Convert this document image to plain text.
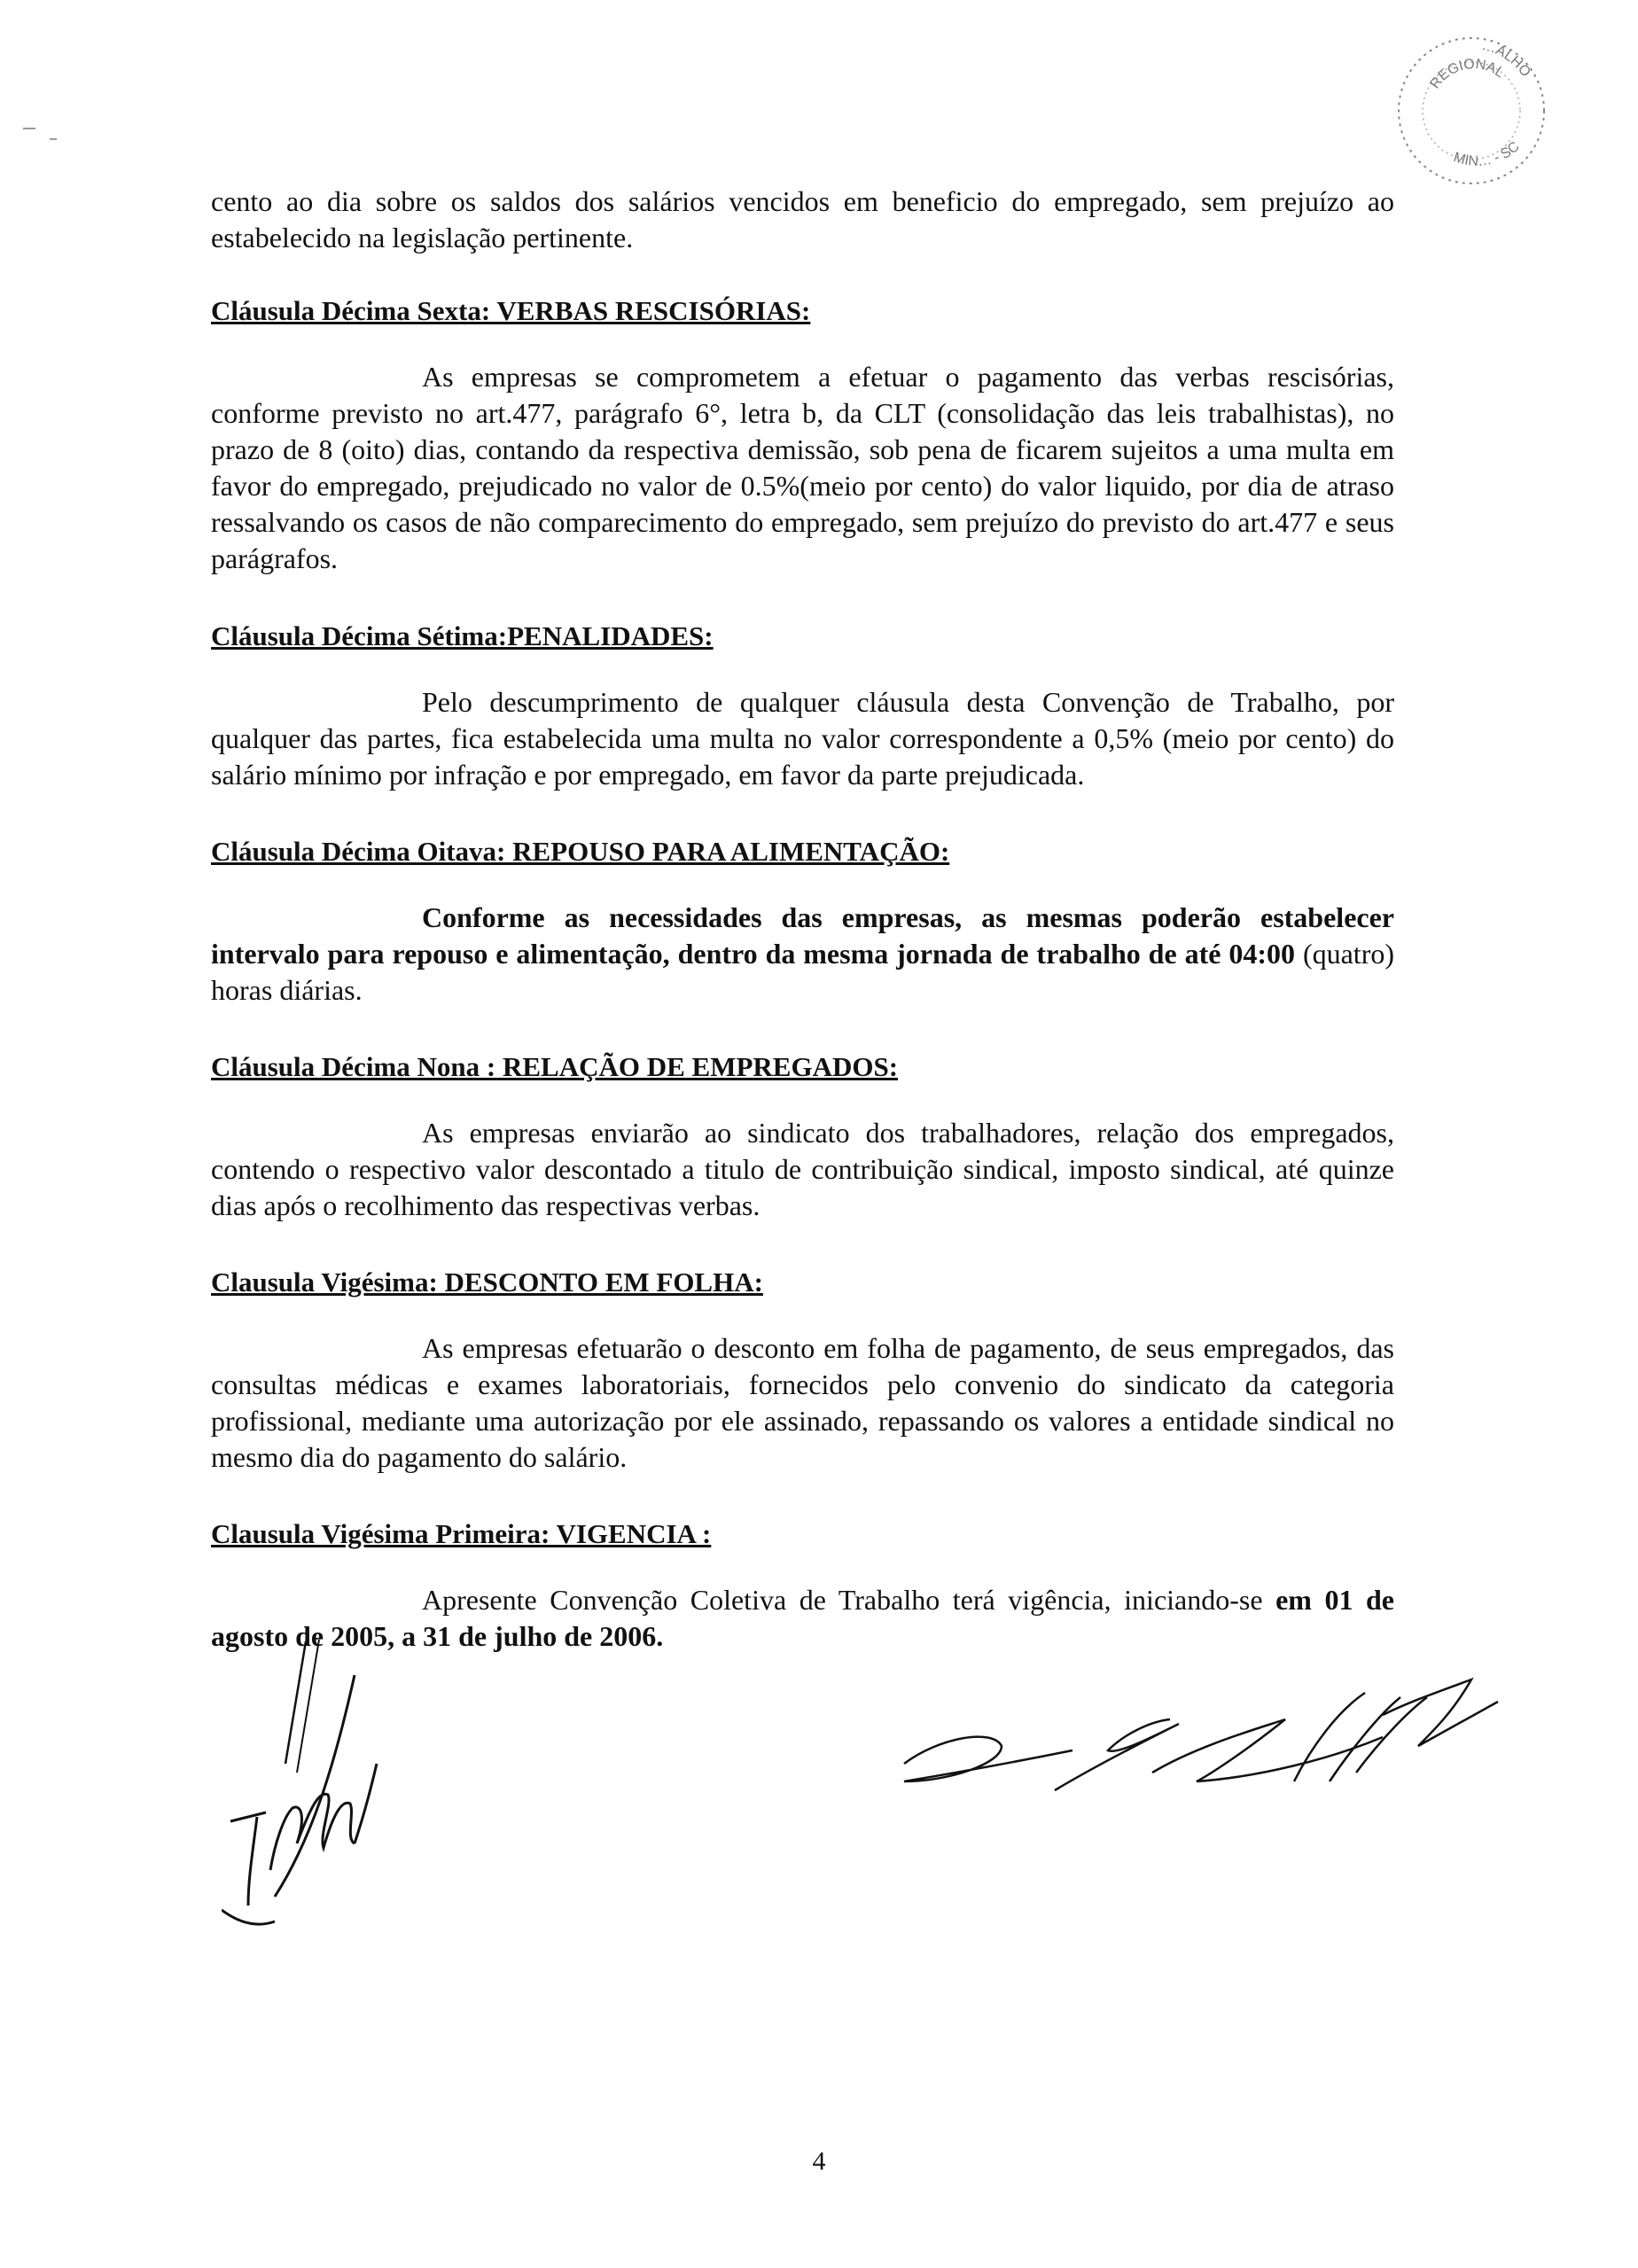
…ALHO
REGIONAL
MIN… - SC

cento ao dia sobre os saldos dos salários vencidos em beneficio do empregado, sem prejuízo ao estabelecido na legislação pertinente.

Cláusula Décima Sexta: VERBAS RESCISÓRIAS:

As empresas se comprometem a efetuar o pagamento das verbas rescisórias, conforme previsto no art.477, parágrafo 6°, letra b, da CLT (consolidação das leis trabalhistas), no prazo de 8 (oito) dias, contando da respectiva demissão, sob pena de ficarem sujeitos a uma multa em favor do empregado, prejudicado no valor de 0.5%(meio por cento) do valor liquido, por dia de atraso ressalvando os casos de não comparecimento do empregado, sem prejuízo do previsto do art.477 e seus parágrafos.

Cláusula Décima Sétima:PENALIDADES:

Pelo descumprimento de qualquer cláusula desta Convenção de Trabalho, por qualquer das partes, fica estabelecida uma multa no valor correspondente a 0,5% (meio por cento) do salário mínimo por infração e por empregado, em favor da parte prejudicada.

Cláusula Décima Oitava: REPOUSO PARA ALIMENTAÇÃO:

Conforme as necessidades das empresas, as mesmas poderão estabelecer intervalo para repouso e alimentação, dentro da mesma jornada de trabalho de até 04:00 (quatro) horas diárias.

Cláusula Décima Nona : RELAÇÃO DE EMPREGADOS:

As empresas enviarão ao sindicato dos trabalhadores, relação dos empregados, contendo o respectivo valor descontado a titulo de contribuição sindical, imposto sindical, até quinze dias após o recolhimento das respectivas verbas.

Clausula Vigésima: DESCONTO EM FOLHA:

As empresas efetuarão o desconto em folha de pagamento, de seus empregados, das consultas médicas e exames laboratoriais, fornecidos pelo convenio do sindicato da categoria profissional, mediante uma autorização por ele assinado, repassando os valores a entidade sindical no mesmo dia do pagamento do salário.

Clausula Vigésima Primeira: VIGENCIA :

Apresente Convenção Coletiva de Trabalho terá vigência, iniciando-se em 01 de agosto de 2005, a 31 de julho de 2006.

4
